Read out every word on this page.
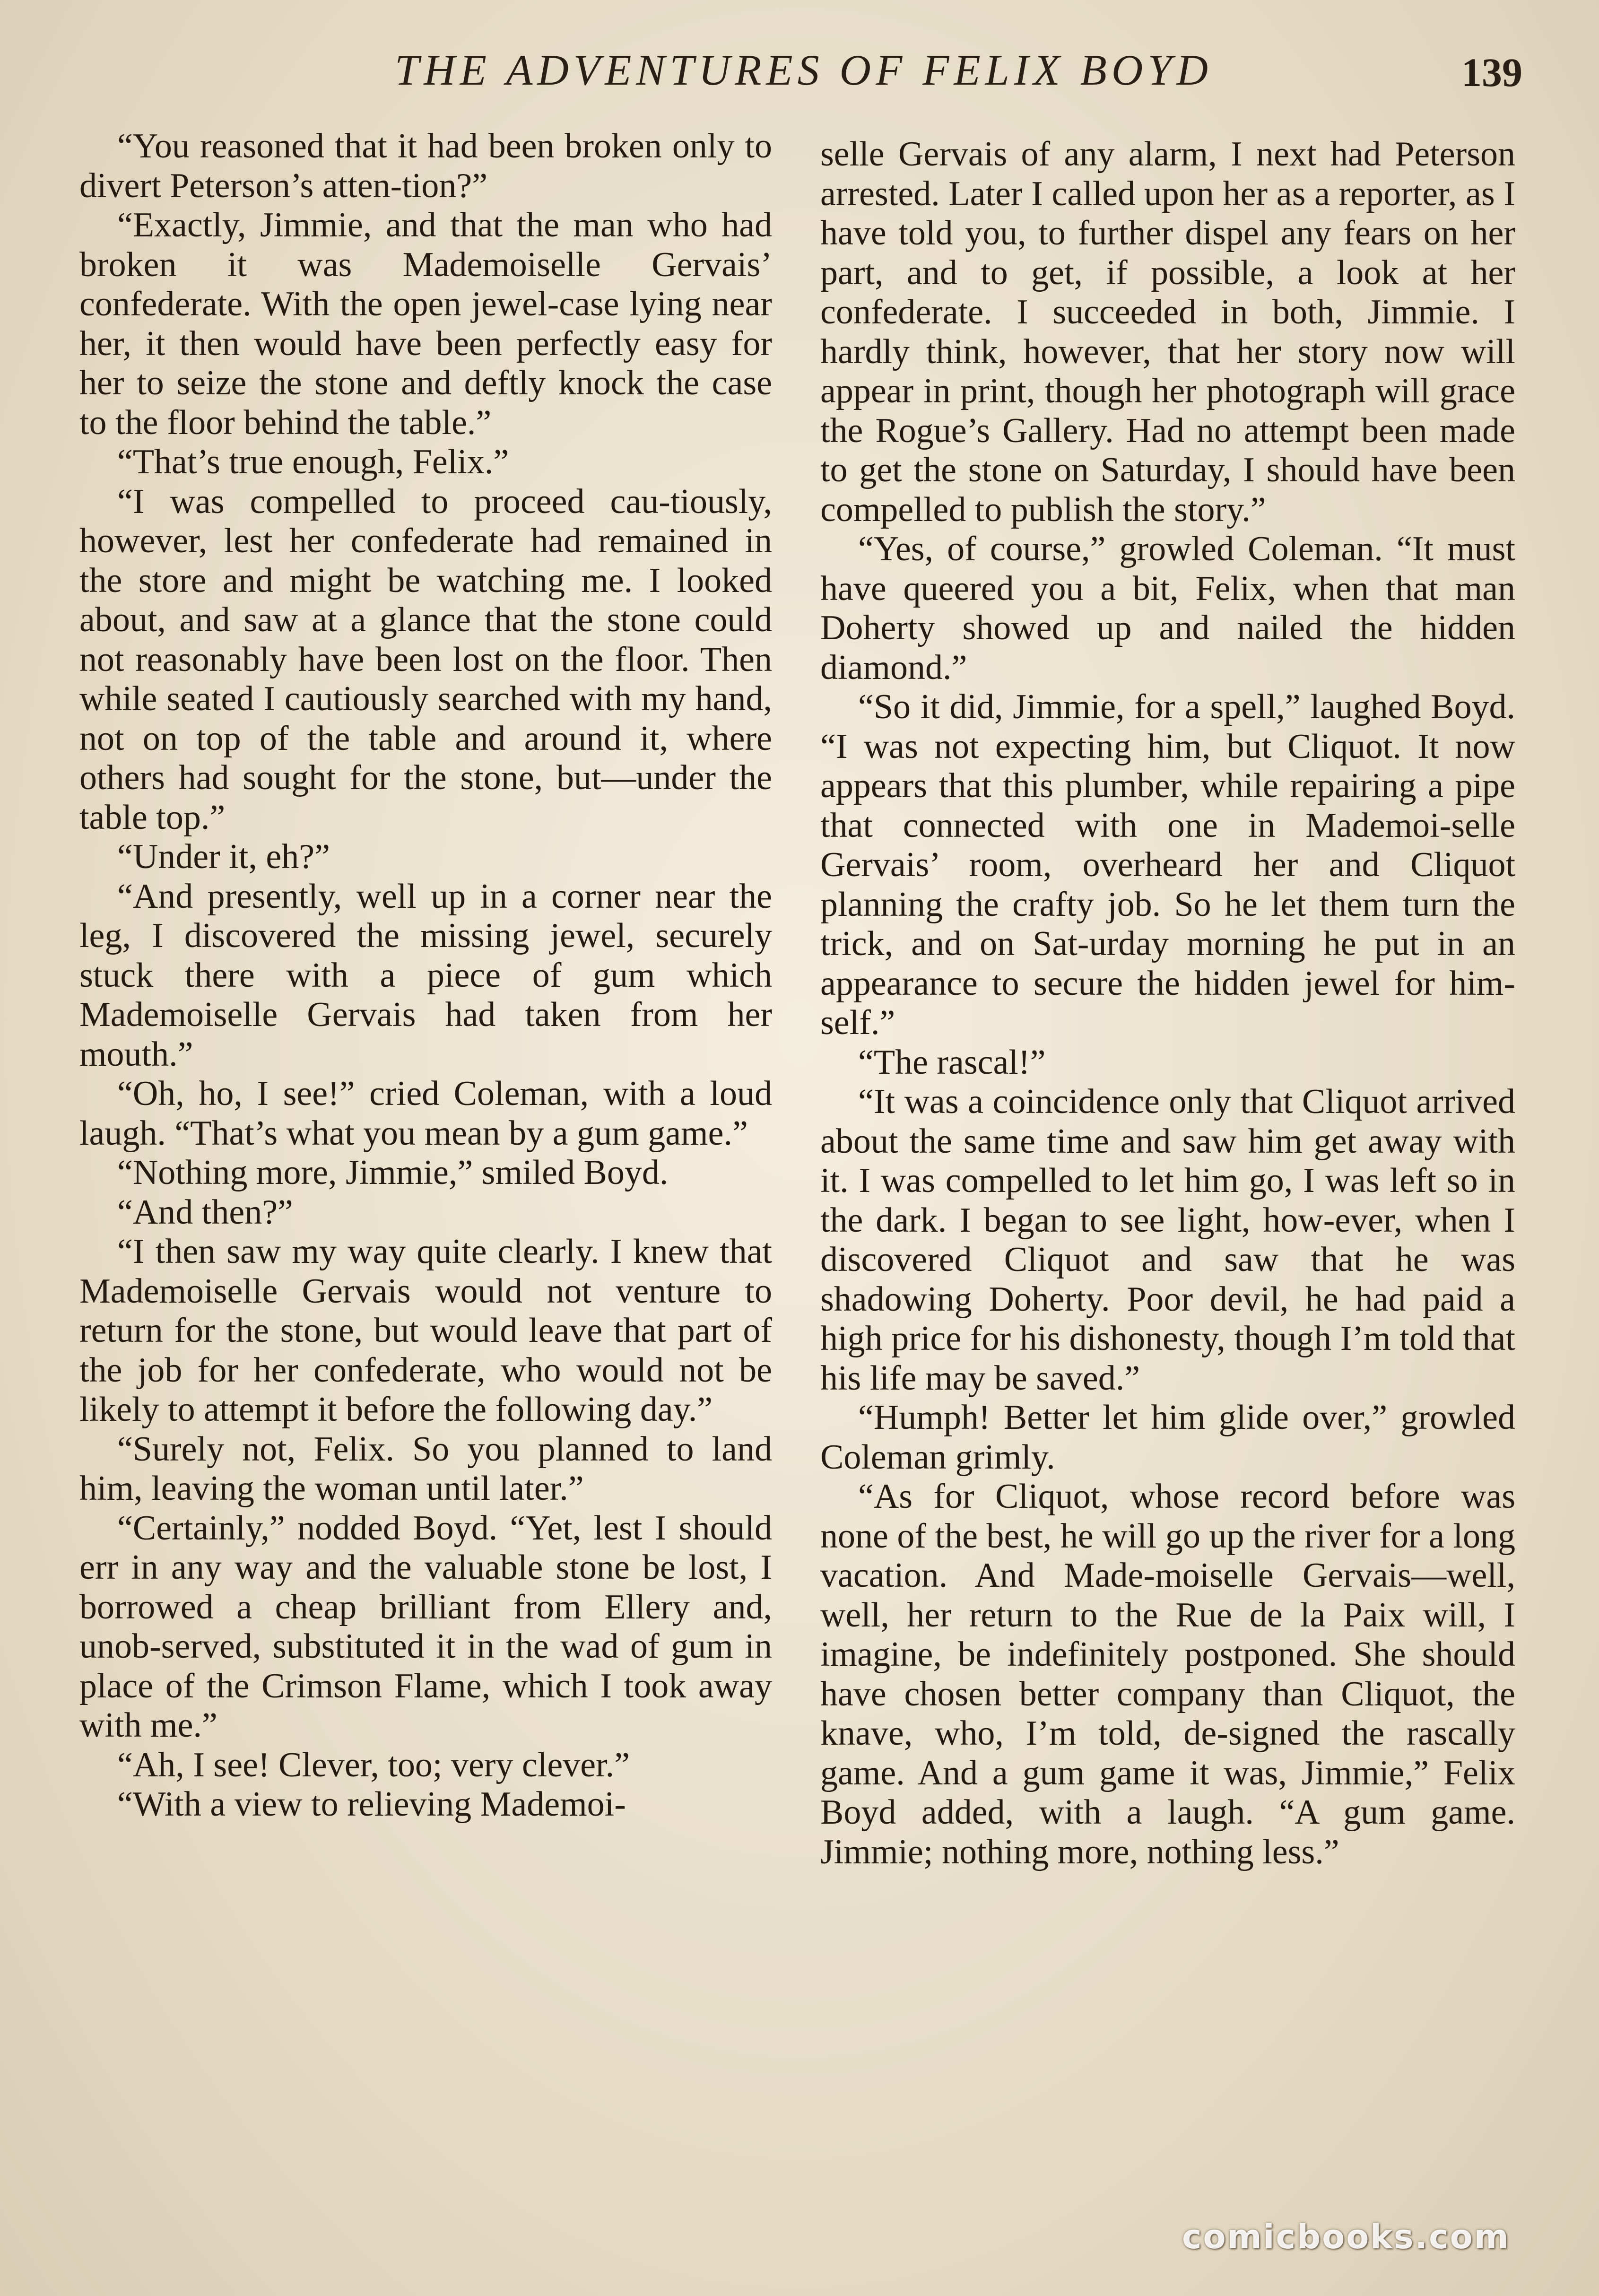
THE ADVENTURES OF FELIX BOYD	139

“You reasoned that it had been broken only to divert Peterson’s atten-tion?”

“Exactly, Jimmie, and that the man who had broken it was Mademoiselle Gervais’ confederate. With the open jewel-case lying near her, it then would have been perfectly easy for her to seize the stone and deftly knock the case to the floor behind the table.”

“That’s true enough, Felix.”

“I was compelled to proceed cau-tiously, however, lest her confederate had remained in the store and might be watching me. I looked about, and saw at a glance that the stone could not reasonably have been lost on the floor. Then while seated I cautiously searched with my hand, not on top of the table and around it, where others had sought for the stone, but—under the table top.”

“Under it, eh?”

“And presently, well up in a corner near the leg, I discovered the missing jewel, securely stuck there with a piece of gum which Mademoiselle Gervais had taken from her mouth.”

“Oh, ho, I see!” cried Coleman, with a loud laugh. “That’s what you mean by a gum game.”

“Nothing more, Jimmie,” smiled Boyd.

“And then?”

“I then saw my way quite clearly. I knew that Mademoiselle Gervais would not venture to return for the stone, but would leave that part of the job for her confederate, who would not be likely to attempt it before the following day.”

“Surely not, Felix. So you planned to land him, leaving the woman until later.”

“Certainly,” nodded Boyd. “Yet, lest I should err in any way and the valuable stone be lost, I borrowed a cheap brilliant from Ellery and, unob-served, substituted it in the wad of gum in place of the Crimson Flame, which I took away with me.”

“Ah, I see! Clever, too; very clever.”

“With a view to relieving Mademoi-

selle Gervais of any alarm, I next had Peterson arrested. Later I called upon her as a reporter, as I have told you, to further dispel any fears on her part, and to get, if possible, a look at her confederate. I succeeded in both, Jimmie. I hardly think, however, that her story now will appear in print, though her photograph will grace the Rogue’s Gallery. Had no attempt been made to get the stone on Saturday, I should have been compelled to publish the story.”

“Yes, of course,” growled Coleman. “It must have queered you a bit, Felix, when that man Doherty showed up and nailed the hidden diamond.”

“So it did, Jimmie, for a spell,” laughed Boyd. “I was not expecting him, but Cliquot. It now appears that this plumber, while repairing a pipe that connected with one in Mademoi-selle Gervais’ room, overheard her and Cliquot planning the crafty job. So he let them turn the trick, and on Sat-urday morning he put in an appearance to secure the hidden jewel for him-self.”

“The rascal!”

“It was a coincidence only that Cliquot arrived about the same time and saw him get away with it. I was compelled to let him go, I was left so in the dark. I began to see light, how-ever, when I discovered Cliquot and saw that he was shadowing Doherty. Poor devil, he had paid a high price for his dishonesty, though I’m told that his life may be saved.”

“Humph! Better let him glide over,” growled Coleman grimly.

“As for Cliquot, whose record before was none of the best, he will go up the river for a long vacation. And Made-moiselle Gervais—well, well, her return to the Rue de la Paix will, I imagine, be indefinitely postponed. She should have chosen better company than Cliquot, the knave, who, I’m told, de-signed the rascally game. And a gum game it was, Jimmie,” Felix Boyd added, with a laugh. “A gum game. Jimmie; nothing more, nothing less.”

comicbooks.com
